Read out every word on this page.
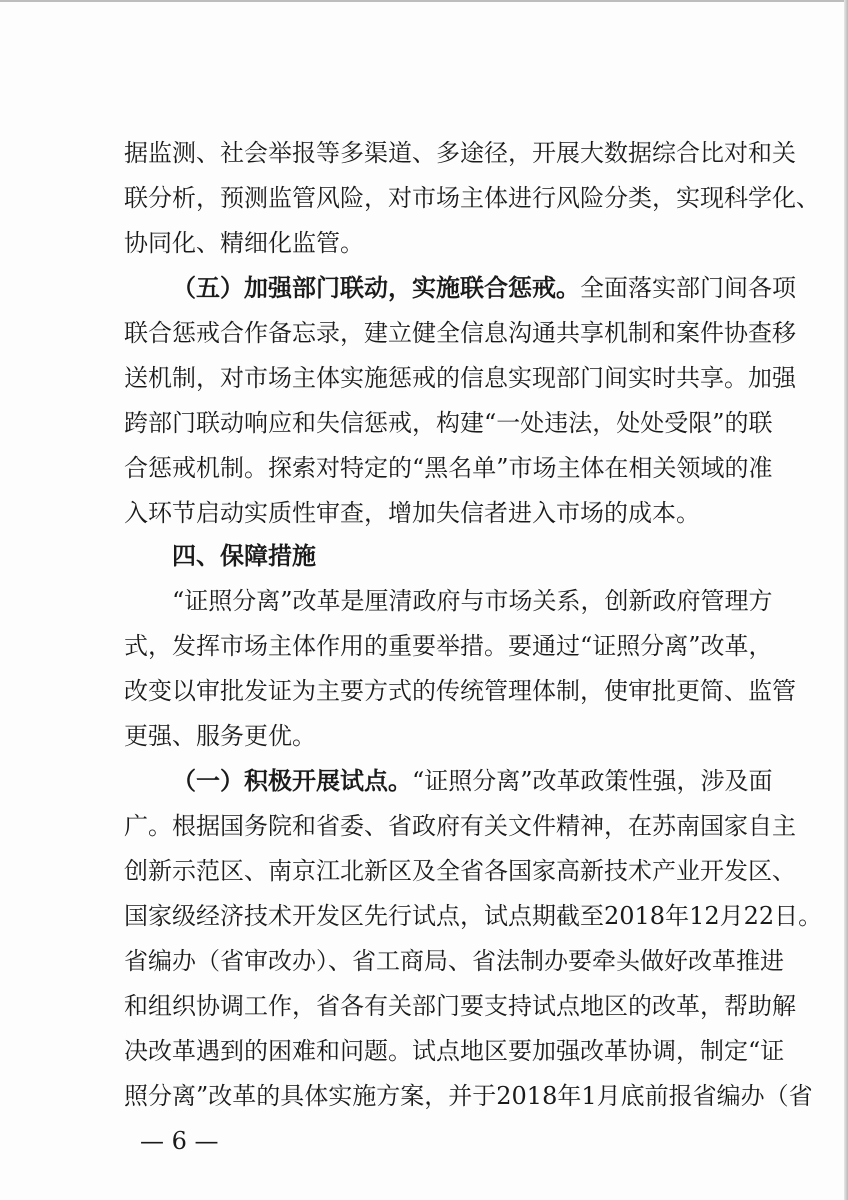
据监测、社会举报等多渠道、多途径，开展大数据综合比对和关
联分析，预测监管风险，对市场主体进行风险分类，实现科学化、
协同化、精细化监管。
（五）加强部门联动，实施联合惩戒。全面落实部门间各项
联合惩戒合作备忘录，建立健全信息沟通共享机制和案件协查移
送机制，对市场主体实施惩戒的信息实现部门间实时共享。加强
跨部门联动响应和失信惩戒，构建“一处违法，处处受限”的联
合惩戒机制。探索对特定的“黑名单”市场主体在相关领域的准
入环节启动实质性审查，增加失信者进入市场的成本。
四、保障措施
“证照分离”改革是厘清政府与市场关系，创新政府管理方
式，发挥市场主体作用的重要举措。要通过“证照分离”改革，
改变以审批发证为主要方式的传统管理体制，使审批更简、监管
更强、服务更优。
（一）积极开展试点。“证照分离”改革政策性强，涉及面
广。根据国务院和省委、省政府有关文件精神，在苏南国家自主
创新示范区、南京江北新区及全省各国家高新技术产业开发区、
国家级经济技术开发区先行试点，试点期截至2018年12月22日。
省编办（省审改办）、省工商局、省法制办要牵头做好改革推进
和组织协调工作，省各有关部门要支持试点地区的改革，帮助解
决改革遇到的困难和问题。试点地区要加强改革协调，制定“证
照分离”改革的具体实施方案，并于2018年1月底前报省编办（省
— 6 —
